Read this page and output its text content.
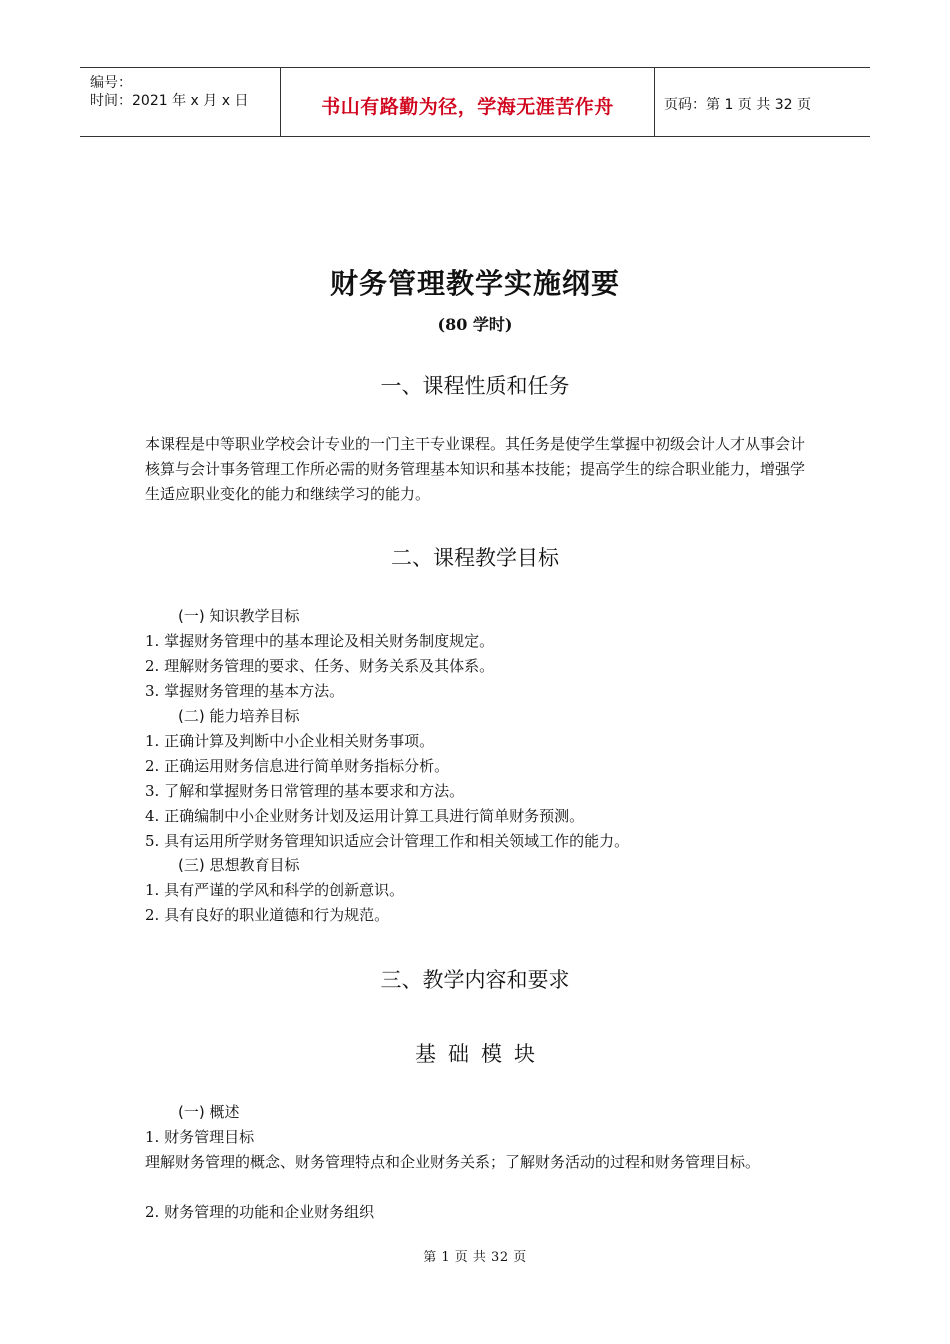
编号：
时间：2021 年 x 月 x 日	书山有路勤为径，学海无涯苦作舟	页码：第 1 页 共 32 页
财务管理教学实施纲要
(80 学时)
一、课程性质和任务
本课程是中等职业学校会计专业的一门主干专业课程。其任务是使学生掌握中初级会计人才从事会计核算与会计事务管理工作所必需的财务管理基本知识和基本技能；提高学生的综合职业能力，增强学生适应职业变化的能力和继续学习的能力。
二、课程教学目标
(一) 知识教学目标
1. 掌握财务管理中的基本理论及相关财务制度规定。
2. 理解财务管理的要求、任务、财务关系及其体系。
3. 掌握财务管理的基本方法。
(二) 能力培养目标
1. 正确计算及判断中小企业相关财务事项。
2. 正确运用财务信息进行简单财务指标分析。
3. 了解和掌握财务日常管理的基本要求和方法。
4. 正确编制中小企业财务计划及运用计算工具进行简单财务预测。
5. 具有运用所学财务管理知识适应会计管理工作和相关领域工作的能力。
(三) 思想教育目标
1. 具有严谨的学风和科学的创新意识。
2. 具有良好的职业道德和行为规范。
三、教学内容和要求
基础模块
(一) 概述
1. 财务管理目标
理解财务管理的概念、财务管理特点和企业财务关系；了解财务活动的过程和财务管理目标。
2. 财务管理的功能和企业财务组织
第 1 页 共 32 页
